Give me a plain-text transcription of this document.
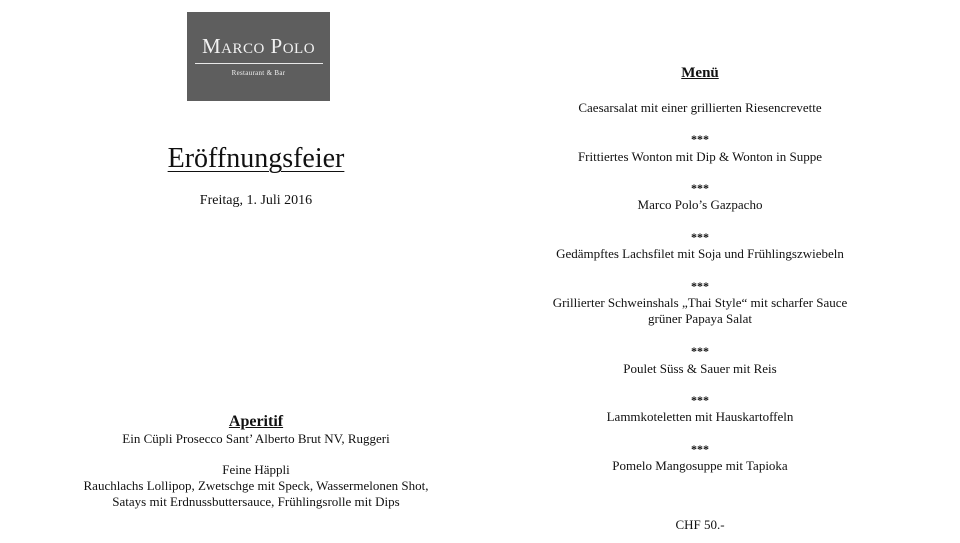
Marco Polo
Restaurant & Bar
Eröffnungsfeier
Freitag, 1. Juli 2016
Aperitif
Ein Cüpli Prosecco Sant’ Alberto Brut NV, Ruggeri
Feine Häppli
Rauchlachs Lollipop, Zwetschge mit Speck, Wassermelonen Shot,
Satays mit Erdnussbuttersauce, Frühlingsrolle mit Dips
Menü
Caesarsalat mit einer grillierten Riesencrevette
***
Frittiertes Wonton mit Dip & Wonton in Suppe
***
Marco Polo’s Gazpacho
***
Gedämpftes Lachsfilet mit Soja und Frühlingszwiebeln
***
Grillierter Schweinshals „Thai Style“ mit scharfer Sauce
grüner Papaya Salat
***
Poulet Süss & Sauer mit Reis
***
Lammkoteletten mit Hauskartoffeln
***
Pomelo Mangosuppe mit Tapioka
CHF 50.-
